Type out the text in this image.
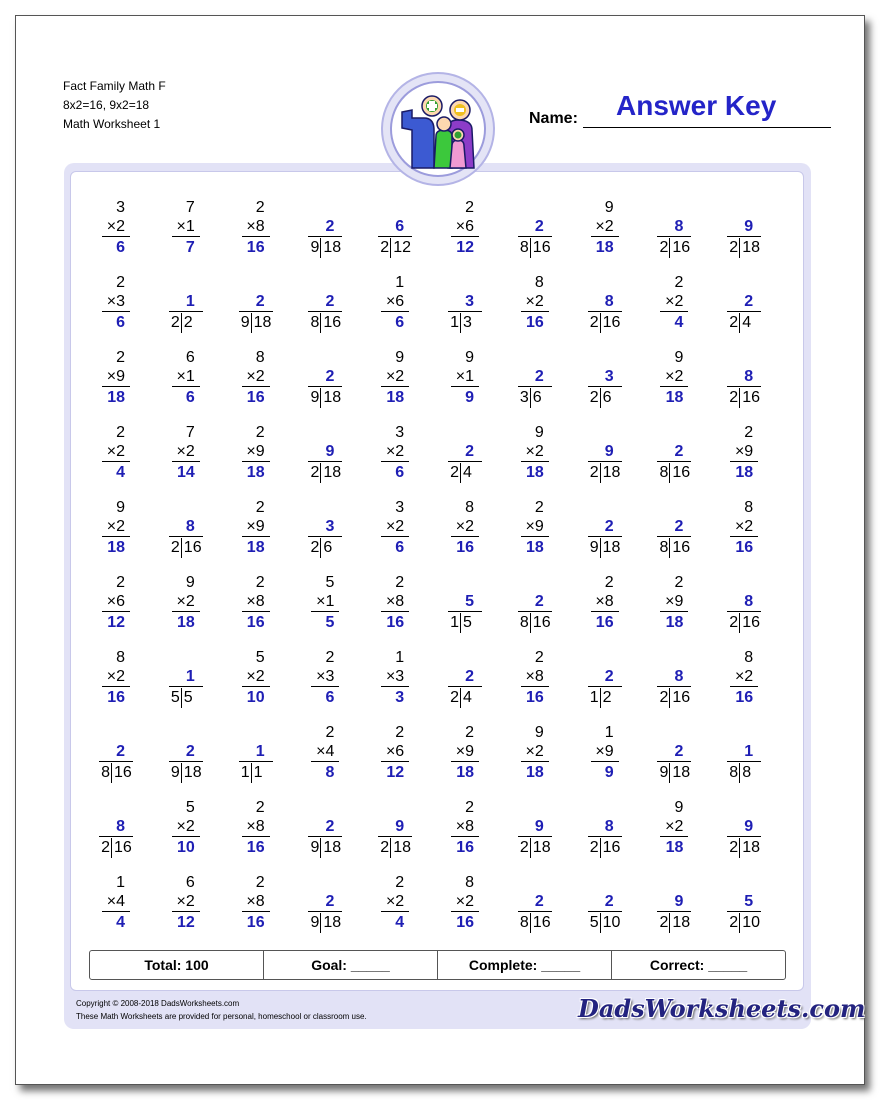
Fact Family Math F
8x2=16, 9x2=18
Math Worksheet 1	Name: Answer Key
3
×2
6
7
×1
7
2
×8
16
2
9 18
6
2 12
2
×6
12
2
8 16
9
×2
18
8
2 16
9
2 18
2
×3
6
1
2 2
2
9 18
2
8 16
1
×6
6
3
1 3
8
×2
16
8
2 16
2
×2
4
2
2 4
2
×9
18
6
×1
6
8
×2
16
2
9 18
9
×2
18
9
×1
9
2
3 6
3
2 6
9
×2
18
8
2 16
2
×2
4
7
×2
14
2
×9
18
9
2 18
3
×2
6
2
2 4
9
×2
18
9
2 18
2
8 16
2
×9
18
9
×2
18
8
2 16
2
×9
18
3
2 6
3
×2
6
8
×2
16
2
×9
18
2
9 18
2
8 16
8
×2
16
2
×6
12
9
×2
18
2
×8
16
5
×1
5
2
×8
16
5
1 5
2
8 16
2
×8
16
2
×9
18
8
2 16
8
×2
16
1
5 5
5
×2
10
2
×3
6
1
×3
3
2
2 4
2
×8
16
2
1 2
8
2 16
8
×2
16
2
8 16
2
9 18
1
1 1
2
×4
8
2
×6
12
2
×9
18
9
×2
18
1
×9
9
2
9 18
1
8 8
8
2 16
5
×2
10
2
×8
16
2
9 18
9
2 18
2
×8
16
9
2 18
8
2 16
9
×2
18
9
2 18
1
×4
4
6
×2
12
2
×8
16
2
9 18
2
×2
4
8
×2
16
2
8 16
2
5 10
9
2 18
5
2 10
Total: 100	Goal: _____	Complete: _____	Correct: _____
Copyright © 2008-2018 DadsWorksheets.com
These Math Worksheets are provided for personal, homeschool or classroom use.	DadsWorksheets.com
